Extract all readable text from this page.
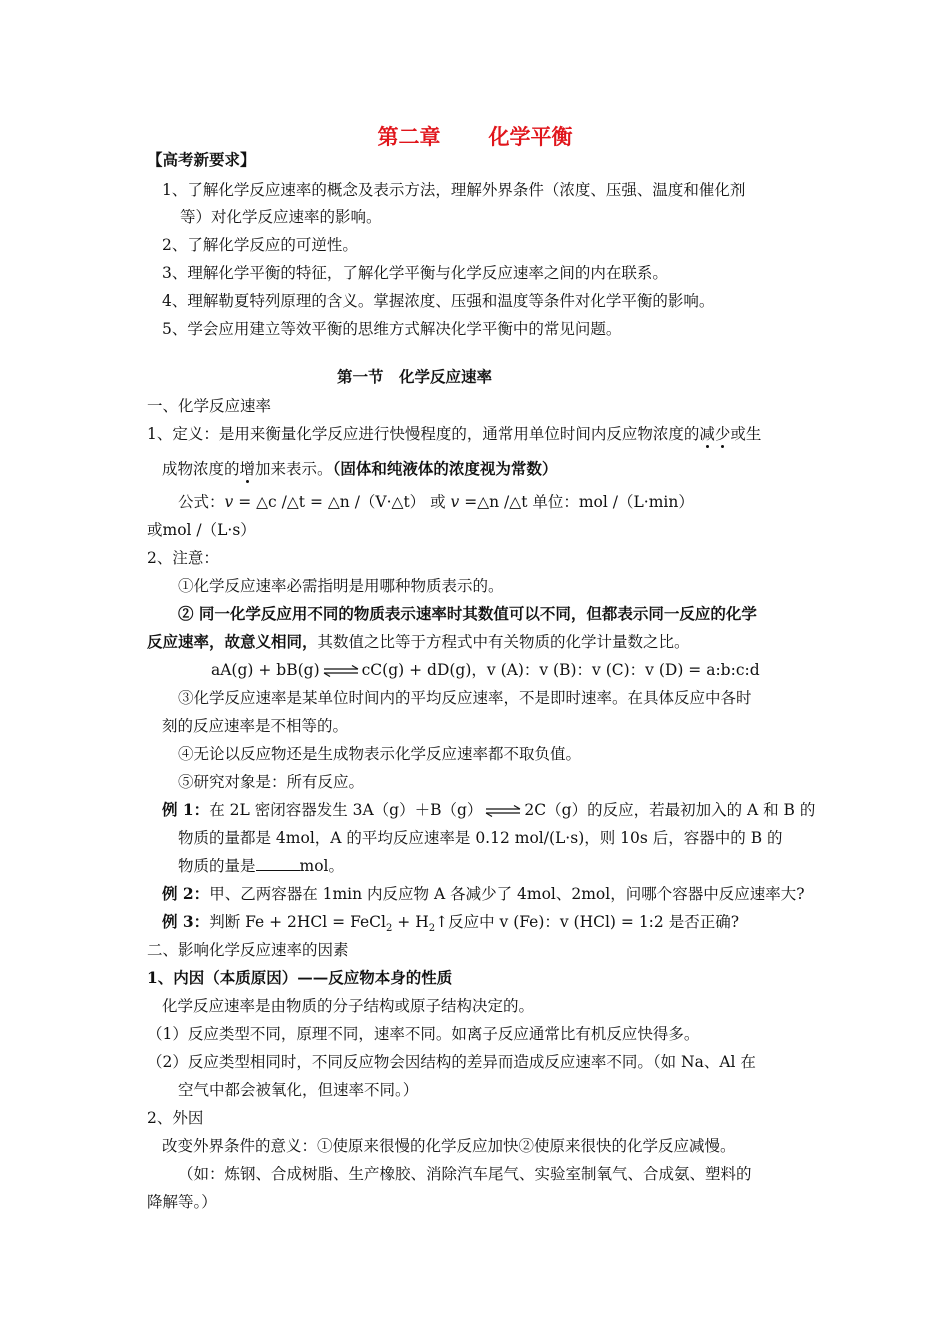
第二章 化学平衡
【高考新要求】
1、了解化学反应速率的概念及表示方法，理解外界条件（浓度、压强、温度和催化剂
等）对化学反应速率的影响。
2、了解化学反应的可逆性。
3、理解化学平衡的特征，了解化学平衡与化学反应速率之间的内在联系。
4、理解勒夏特列原理的含义。掌握浓度、压强和温度等条件对化学平衡的影响。
5、学会应用建立等效平衡的思维方式解决化学平衡中的常见问题。
第一节　化学反应速率
一、化学反应速率
1、定义：是用来衡量化学反应进行快慢程度的，通常用单位时间内反应物浓度的减少或生
成物浓度的增加来表示。（固体和纯液体的浓度视为常数）
公式：v = △c /△t = △n /（V·△t） 或 v =△n /△t 单位：mol /（L·min）
或mol /（L·s）
2、注意：
①化学反应速率必需指明是用哪种物质表示的。
② 同一化学反应用不同的物质表示速率时其数值可以不同，但都表示同一反应的化学
反应速率，故意义相同，其数值之比等于方程式中有关物质的化学计量数之比。
aA(g) + bB(g) ⇌ cC(g) + dD(g)，v (A)：v (B)：v (C)：v (D) = a:b:c:d
③化学反应速率是某单位时间内的平均反应速率，不是即时速率。在具体反应中各时
刻的反应速率是不相等的。
④无论以反应物还是生成物表示化学反应速率都不取负值。
⑤研究对象是：所有反应。
例 1：在 2L 密闭容器发生 3A（g）＋B（g） ⇌ 2C（g）的反应，若最初加入的 A 和 B 的
物质的量都是 4mol，A 的平均反应速率是 0.12 mol/(L·s)，则 10s 后，容器中的 B 的
物质的量是	mol。
例 2：甲、乙两容器在 1min 内反应物 A 各减少了 4mol、2mol，问哪个容器中反应速率大?
例 3：判断 Fe + 2HCl = FeCl$_2$ + $H_2↑$反应中 v (Fe)：v (HCl) = 1:2 是否正确?
二、影响化学反应速率的因素
1、内因（本质原因）——反应物本身的性质
化学反应速率是由物质的分子结构或原子结构决定的。
（1）反应类型不同，原理不同，速率不同。如离子反应通常比有机反应快得多。
（2）反应类型相同时，不同反应物会因结构的差异而造成反应速率不同。（如 Na、Al 在
空气中都会被氧化，但速率不同。）
2、外因
改变外界条件的意义：①使原来很慢的化学反应加快②使原来很快的化学反应减慢。
（如：炼钢、合成树脂、生产橡胶、消除汽车尾气、实验室制氧气、合成氨、塑料的
降解等。）
